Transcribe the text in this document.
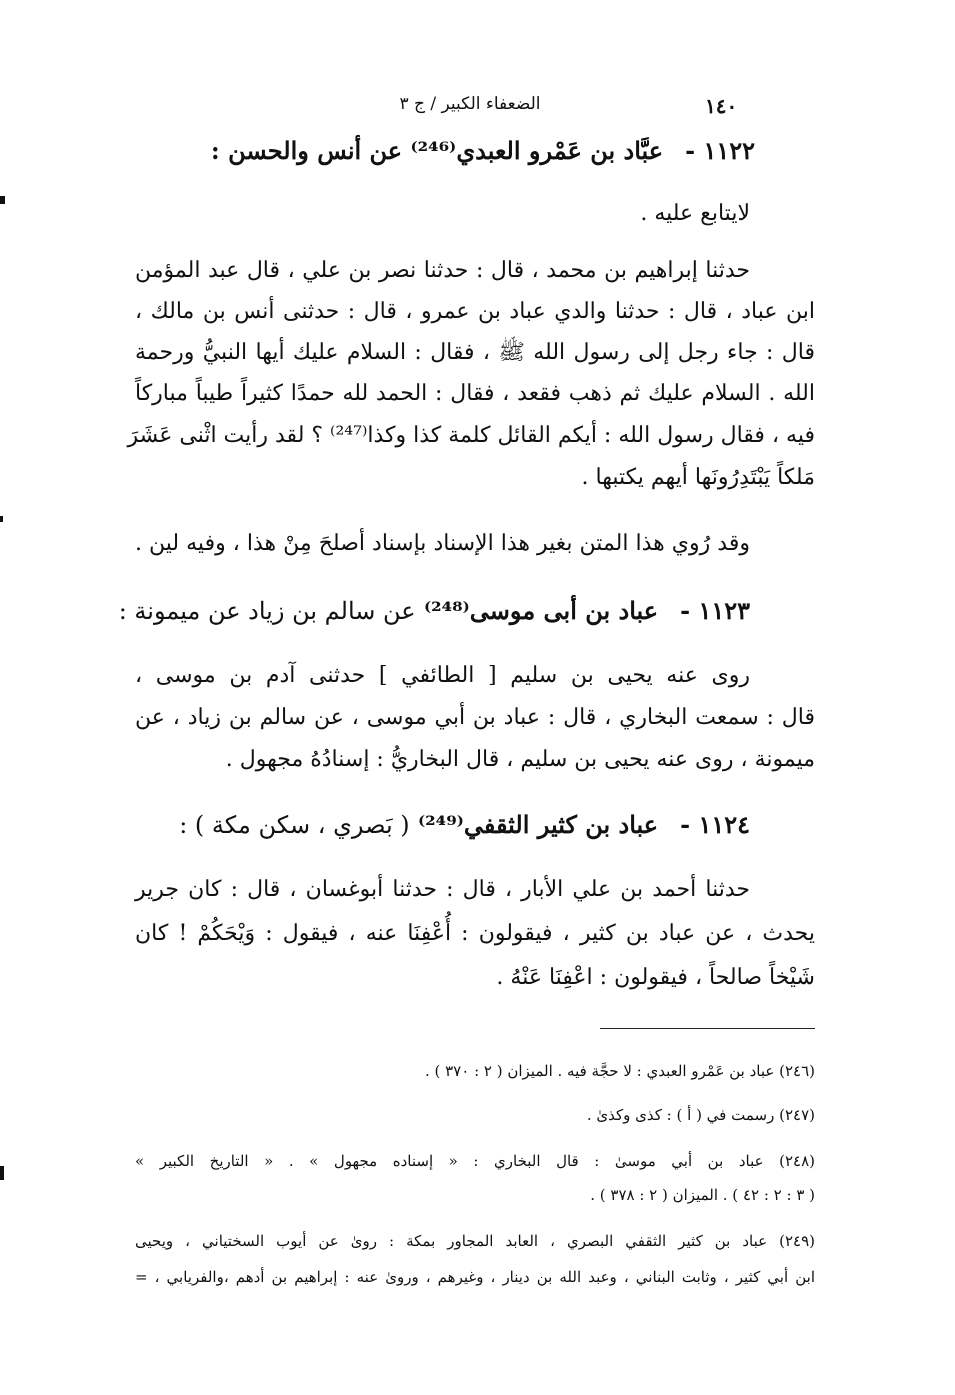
١٤٠
الضعفاء الكبير / ج ٣
١١٢٢ -عبَّاد بن عَمْرو العبدي⁽²⁴⁶⁾ عن أنس والحسن :
لايتابع عليه .
حدثنا إبراهيم بن محمد ، قال : حدثنا نصر بن علي ، قال عبد المؤمن
ابن عباد ، قال : حدثنا والدي عباد بن عمرو ، قال : حدثنى أنس بن مالك ،
قال : جاء رجل إلى رسول الله ﷺ ، فقال : السلام عليك أيها النبيُّ ورحمة
الله . السلام عليك ثم ذهب فقعد ، فقال : الحمد لله حمدًا كثيراً طيباً مباركاً
فيه ، فقال رسول الله : أيكم القائل كلمة كذا وكذا⁽²⁴⁷⁾ ؟ لقد رأيت اثْنى عَشَرَ
مَلكاً يَبْتَدِرُونَها أيهم يكتبها .
وقد رُوي هذا المتن بغير هذا الإسناد بإسناد أصلحَ مِنْ هذا ، وفيه لين .
١١٢٣ -عباد بن أبى موسى⁽²⁴⁸⁾ عن سالم بن زياد عن ميمونة :
روى عنه يحيى بن سليم [ الطائفي ] حدثنى آدم بن موسى ،
قال : سمعت البخاري ، قال : عباد بن أبي موسى ، عن سالم بن زياد ، عن
ميمونة ، روى عنه يحيى بن سليم ، قال البخاريُّ : إسنادُهُ مجهول .
١١٢٤ -عباد بن كثير الثقفي⁽²⁴⁹⁾ ( بَصري ، سكن مكة ) :
حدثنا أحمد بن علي الأبار ، قال : حدثنا أبوغسان ، قال : كان جرير
يحدث ، عن عباد بن كثير ، فيقولون : أُعْفِنَا عنه ، فيقول : وَيْحَكُمْ ! كان
شَيْخاً صالحاً ، فيقولون : اعْفِنَا عَنْهُ .
(٢٤٦) عباد بن عَمْرو العبدي : لا حجَّة فيه . الميزان ( ٢ : ٣٧٠ ) .
(٢٤٧) رسمت في ( أ ) : كذى وكذىٰ .
(٢٤٨) عباد بن أبي موسىٰ : قال البخاري : « إسناده مجهول » . « التاريخ الكبير »
( ٣ : ٢ : ٤٢ ) . الميزان ( ٢ : ٣٧٨ ) .
(٢٤٩) عباد بن كثير الثقفي البصري ، العابد المجاور بمكة : روىٰ عن أيوب السختياني ، ويحيى
ابن أبي كثير ، وثابت البناني ، وعبد الله بن دينار ، وغيرهم ، وروىٰ عنه : إبراهيم بن أدهم ،والفريابي ، =
